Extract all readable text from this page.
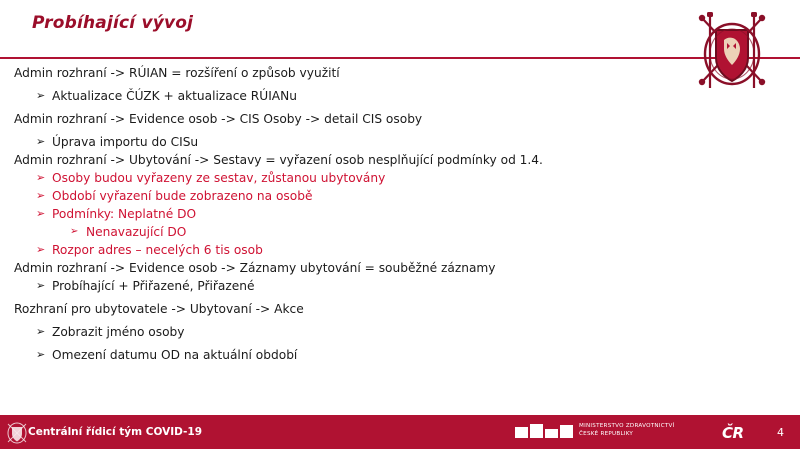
Probíhající vývoj
Admin rozhraní -> RÚIAN = rozšíření o způsob využití
➢ Aktualizace ČÚZK + aktualizace RÚIANu
Admin rozhraní -> Evidence osob -> CIS Osoby -> detail CIS osoby
➢ Úprava importu do CISu
Admin rozhraní -> Ubytování -> Sestavy = vyřazení osob nesplňující podmínky od 1.4.
➢ Osoby budou vyřazeny ze sestav, zůstanou ubytovány
➢ Období vyřazení bude zobrazeno na osobě
➢ Podmínky: Neplatné DO
➢ Nenavazující DO
➢ Rozpor adres – necelých 6 tis osob
Admin rozhraní -> Evidence osob -> Záznamy ubytování = souběžné záznamy
➢ Probíhající + Přiřazené, Přiřazené
Rozhraní pro ubytovatele -> Ubytovaní -> Akce
➢ Zobrazit jméno osoby
➢ Omezení datumu OD na aktuální období
Centrální řídicí tým COVID-19	MINISTERSTVO ZDRAVOTNICTVÍ
ČESKÉ REPUBLIKY	ČR	4
